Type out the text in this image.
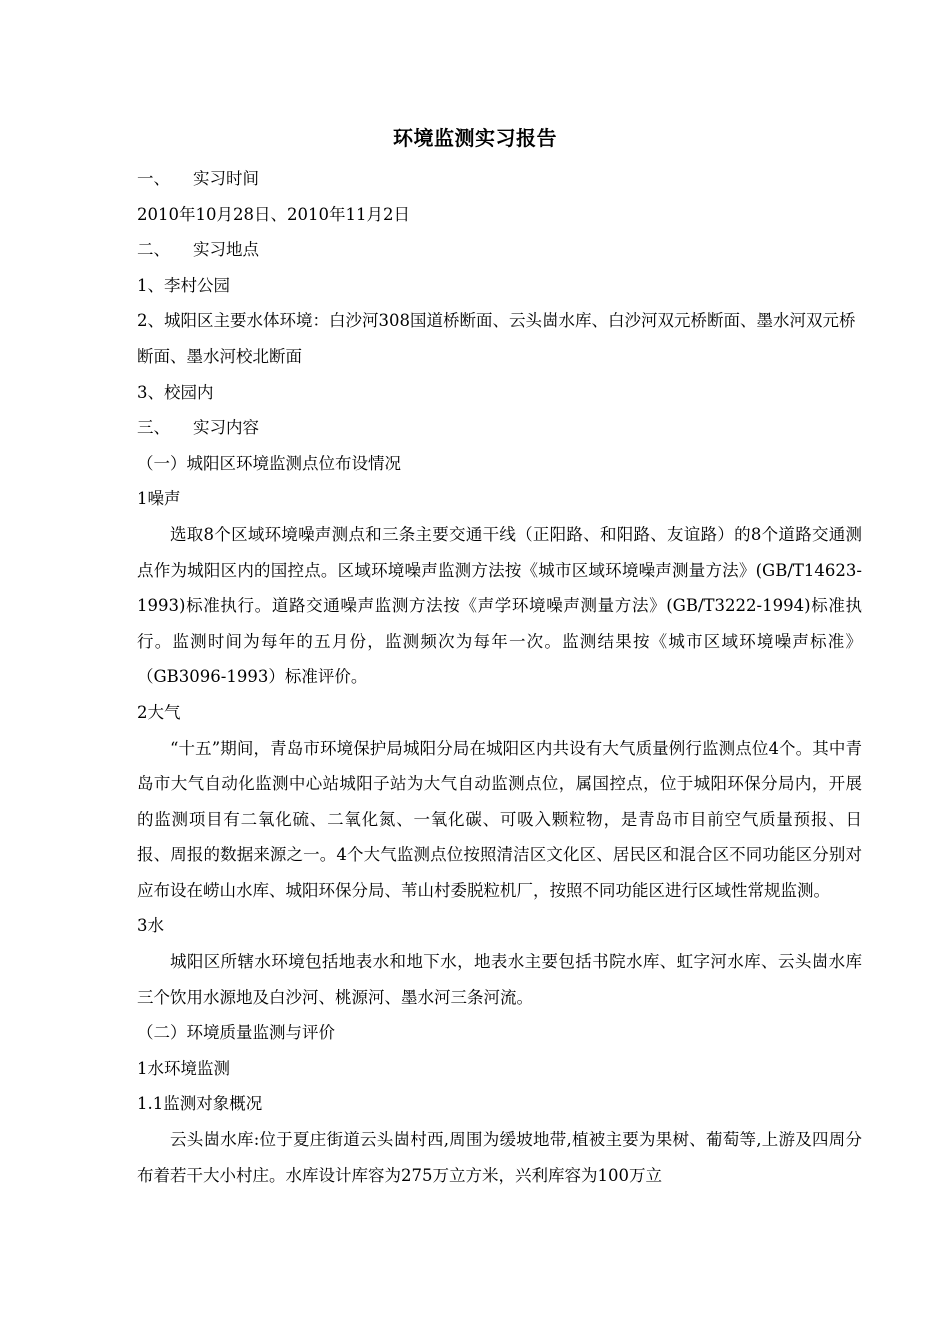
环境监测实习报告

一、 实习时间

2010年10月28日、2010年11月2日

二、 实习地点

1、李村公园

2、城阳区主要水体环境：白沙河308国道桥断面、云头崮水库、白沙河双元桥断面、墨水河双元桥断面、墨水河校北断面

3、校园内

三、 实习内容

（一）城阳区环境监测点位布设情况

1噪声

选取8个区域环境噪声测点和三条主要交通干线（正阳路、和阳路、友谊路）的8个道路交通测点作为城阳区内的国控点。区域环境噪声监测方法按《城市区域环境噪声测量方法》(GB/T14623-1993)标准执行。道路交通噪声监测方法按《声学环境噪声测量方法》(GB/T3222-1994)标准执行。监测时间为每年的五月份，监测频次为每年一次。监测结果按《城市区域环境噪声标准》（GB3096-1993）标准评价。

2大气

“十五”期间，青岛市环境保护局城阳分局在城阳区内共设有大气质量例行监测点位4个。其中青岛市大气自动化监测中心站城阳子站为大气自动监测点位，属国控点，位于城阳环保分局内，开展的监测项目有二氧化硫、二氧化氮、一氧化碳、可吸入颗粒物，是青岛市目前空气质量预报、日报、周报的数据来源之一。4个大气监测点位按照清洁区文化区、居民区和混合区不同功能区分别对应布设在崂山水库、城阳环保分局、苇山村委脱粒机厂，按照不同功能区进行区域性常规监测。

3水

城阳区所辖水环境包括地表水和地下水，地表水主要包括书院水库、虹字河水库、云头崮水库三个饮用水源地及白沙河、桃源河、墨水河三条河流。

（二）环境质量监测与评价

1水环境监测

1.1监测对象概况

云头崮水库:位于夏庄街道云头崮村西,周围为缓坡地带,植被主要为果树、葡萄等,上游及四周分布着若干大小村庄。水库设计库容为275万立方米，兴利库容为100万立
